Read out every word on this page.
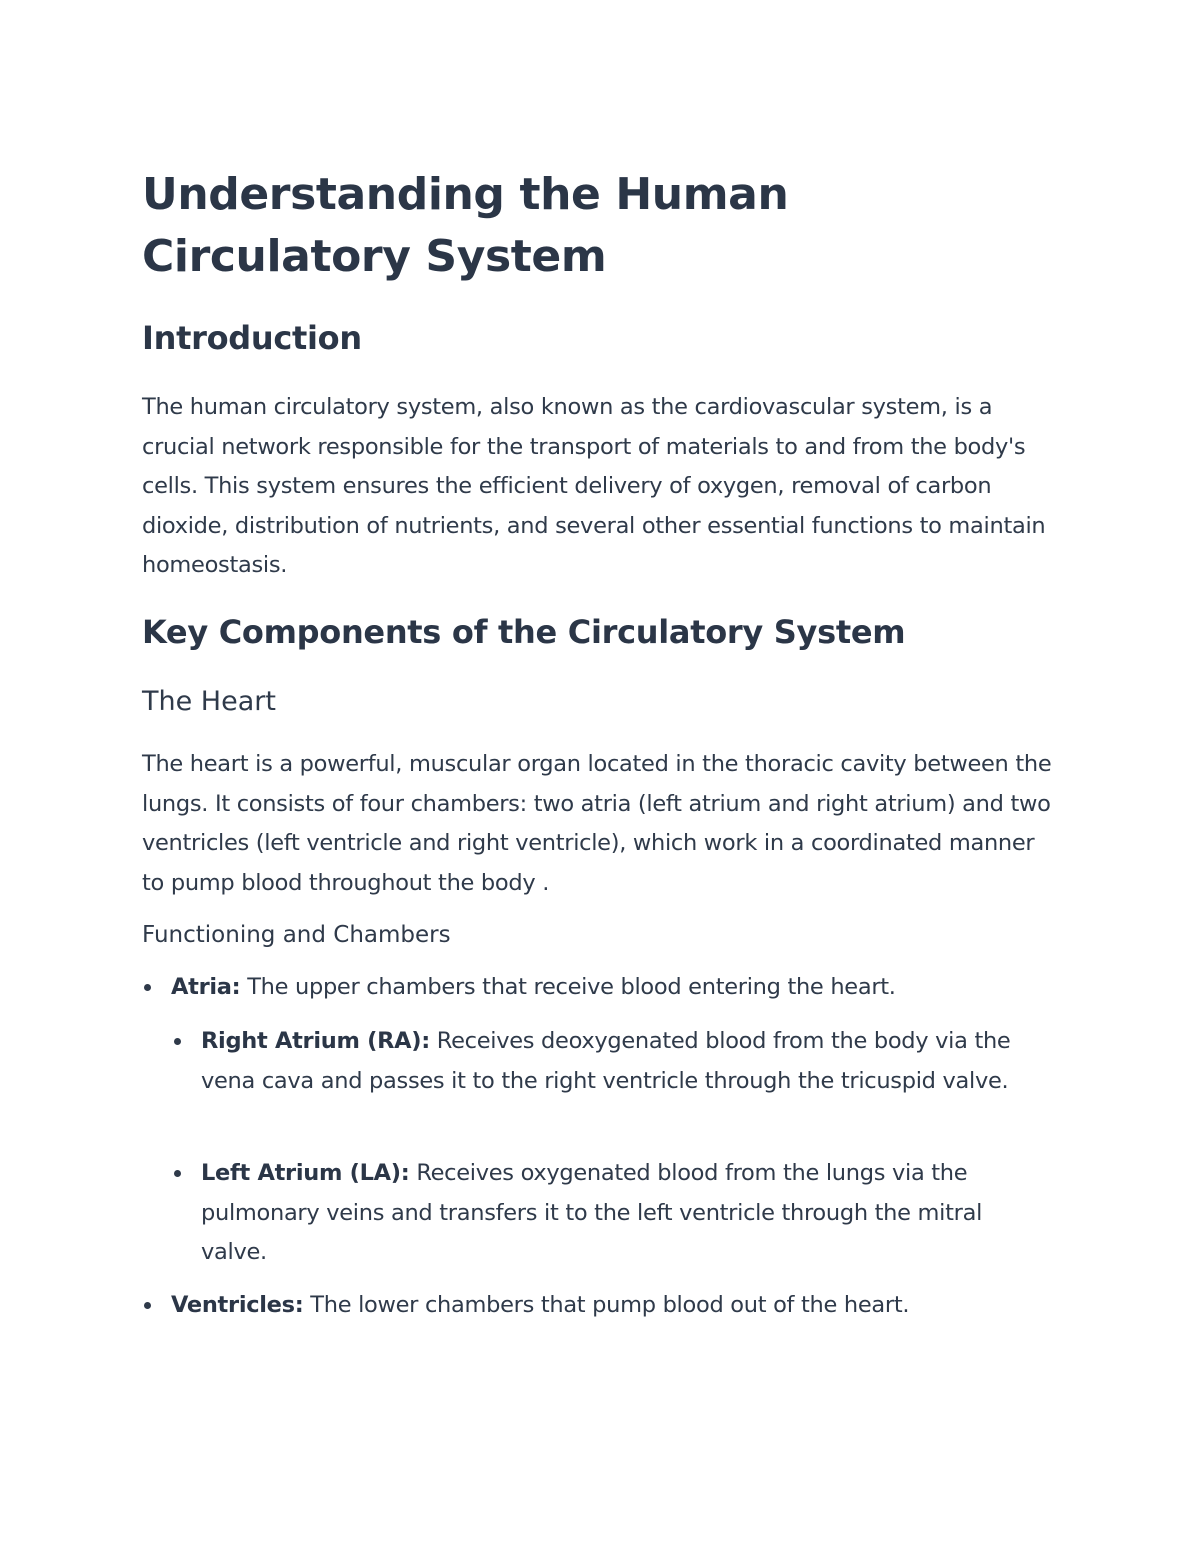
Understanding the Human Circulatory System
Introduction

The human circulatory system, also known as the cardiovascular system, is a crucial network responsible for the transport of materials to and from the body's cells. This system ensures the efficient delivery of oxygen, removal of carbon dioxide, distribution of nutrients, and several other essential functions to maintain homeostasis.

Key Components of the Circulatory System
The Heart

The heart is a powerful, muscular organ located in the thoracic cavity between the lungs. It consists of four chambers: two atria (left atrium and right atrium) and two ventricles (left ventricle and right ventricle), which work in a coordinated manner to pump blood throughout the body .

Functioning and Chambers
Atria: The upper chambers that receive blood entering the heart.
Right Atrium (RA): Receives deoxygenated blood from the body via the vena cava and passes it to the right ventricle through the tricuspid valve.
Left Atrium (LA): Receives oxygenated blood from the lungs via the pulmonary veins and transfers it to the left ventricle through the mitral valve.
Ventricles: The lower chambers that pump blood out of the heart.
